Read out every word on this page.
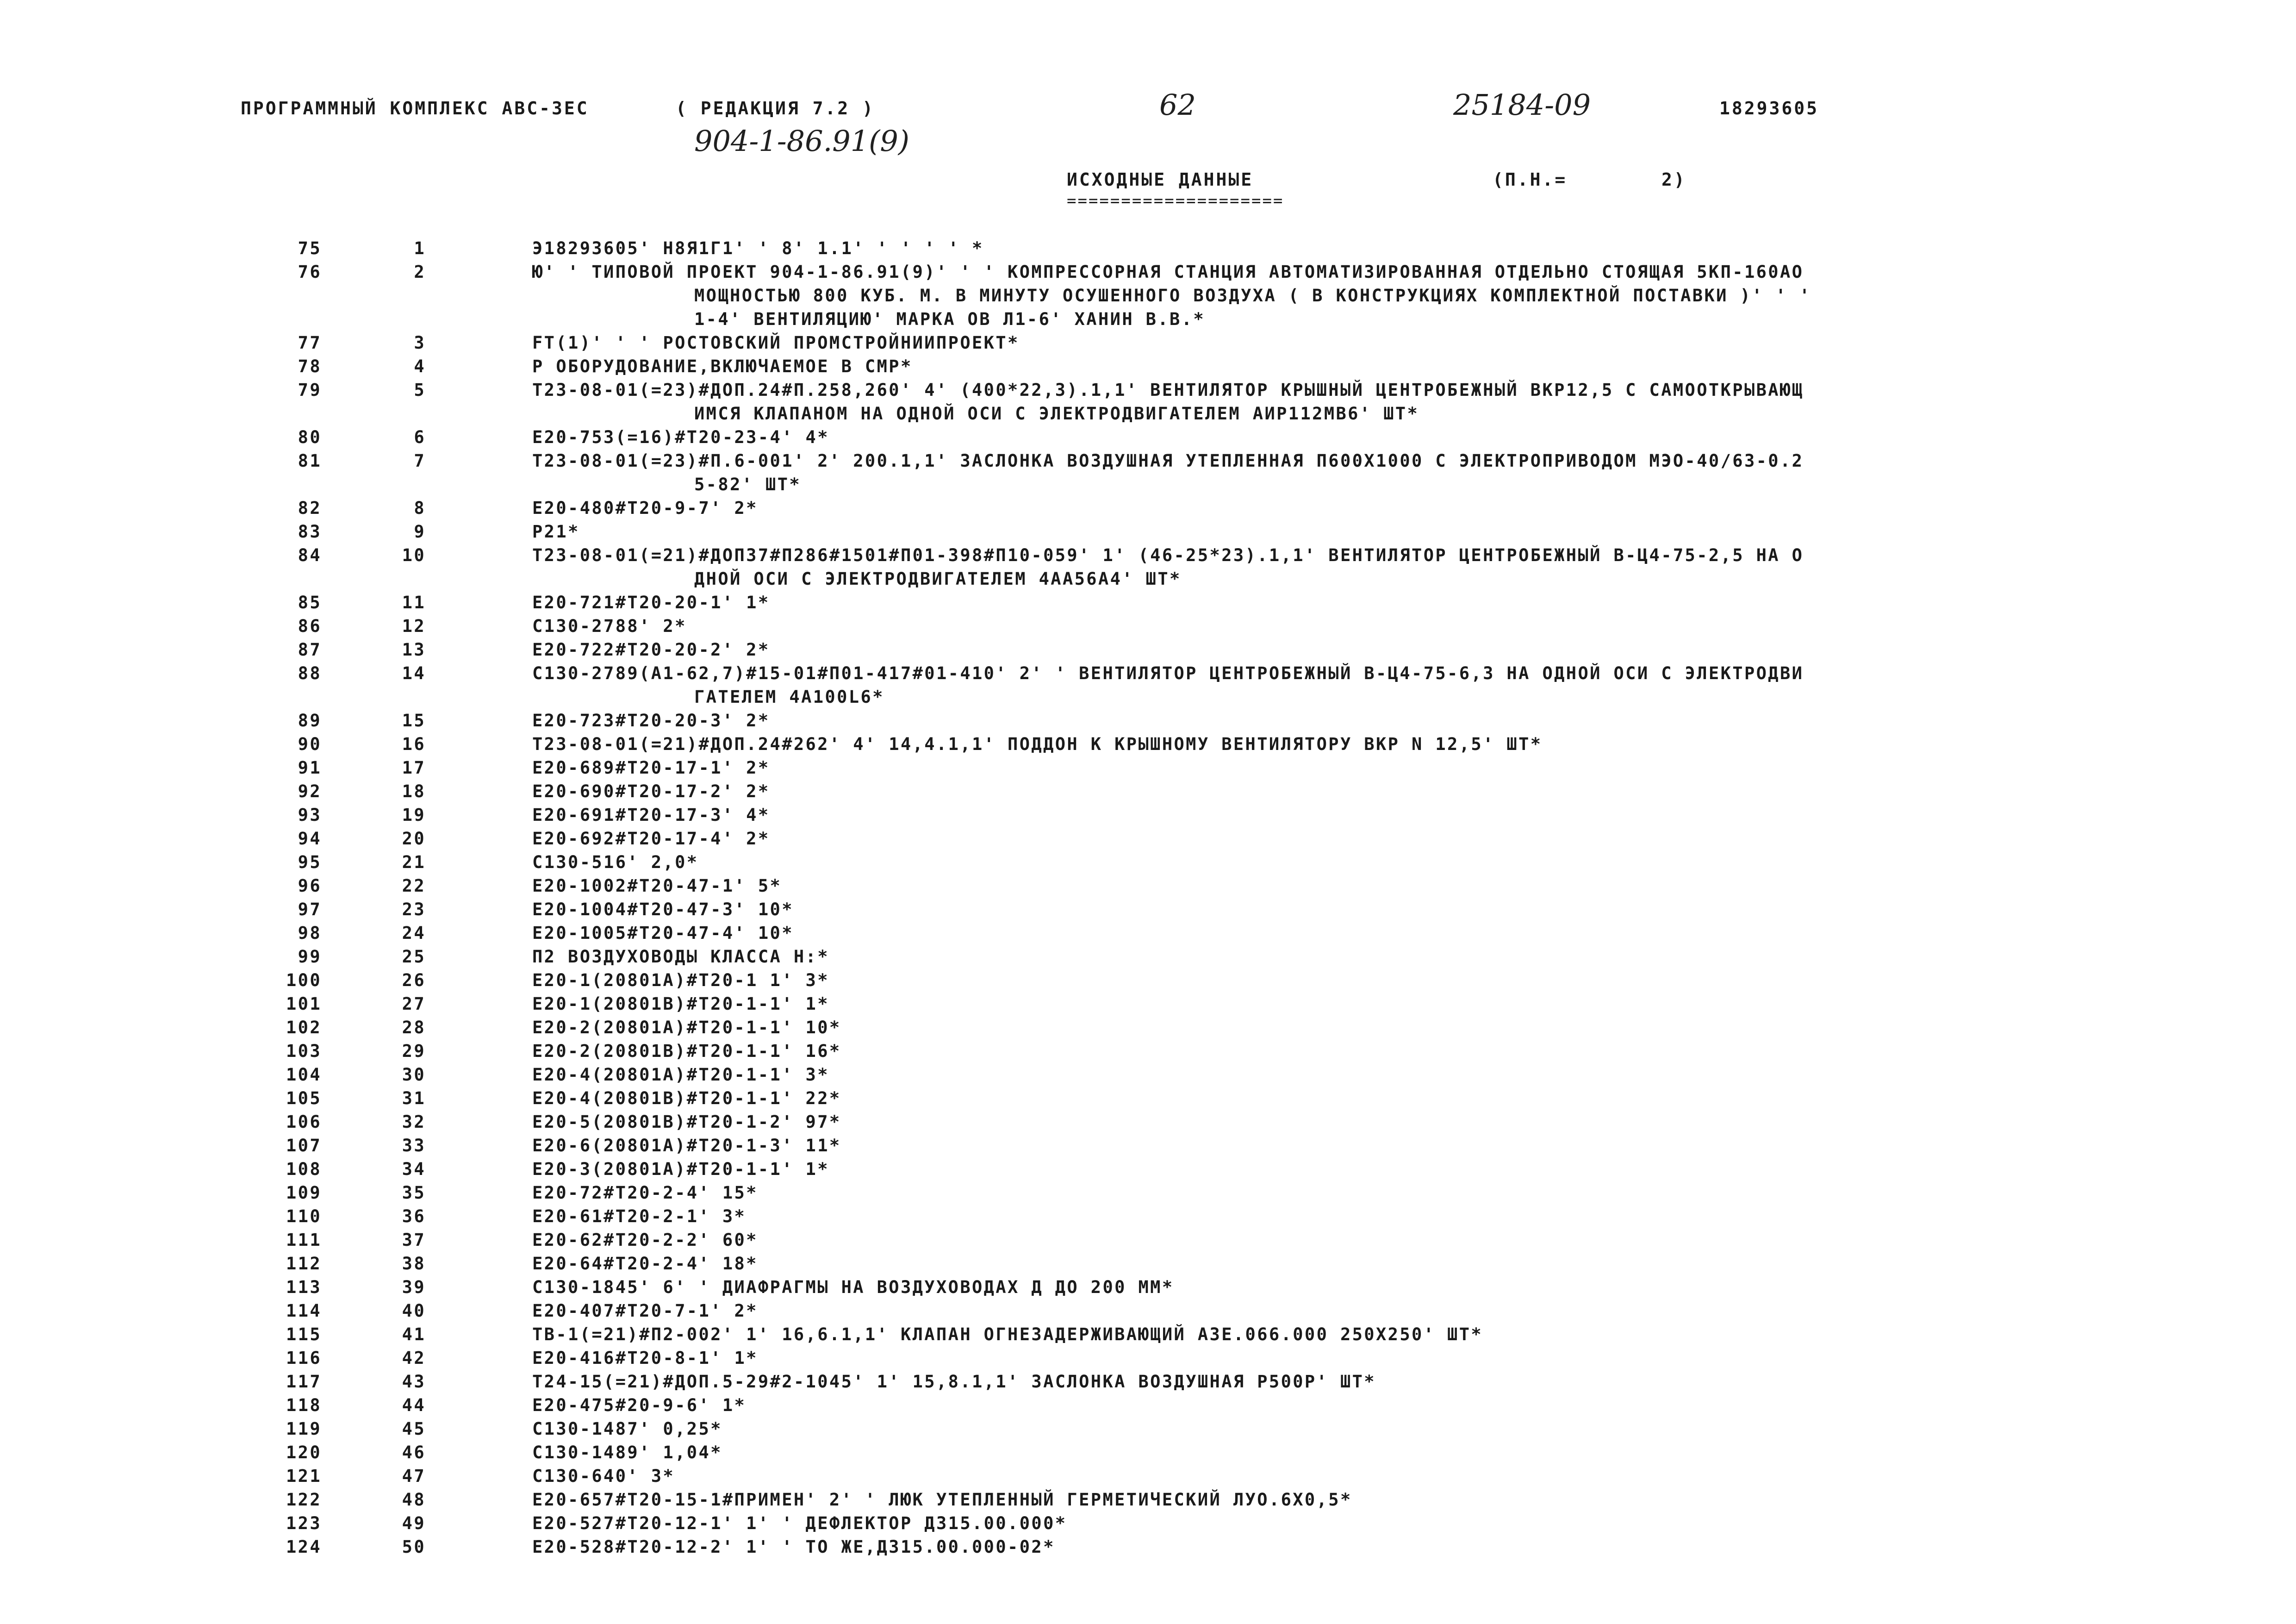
ПРОГРАММНЫЙ КОМПЛЕКС АВС-3ЕС	( РЕДАКЦИЯ 7.2 )	62	25184-09	18293605
904-1-86.91(9)
ИСХОДНЫЕ ДАННЫЕ	(П.Н.=	2)
====================
75	1	Э18293605' Н8Я1Г1' ' 8' 1.1' ' ' ' ' *
76	2	Ю' ' ТИПОВОЙ ПРОЕКТ 904-1-86.91(9)' ' ' КОМПРЕССОРНАЯ СТАНЦИЯ АВТОМАТИЗИРОВАННАЯ ОТДЕЛЬНО СТОЯЩАЯ 5КП-160АО
МОЩНОСТЬЮ 800 КУБ. М. В МИНУТУ ОСУШЕННОГО ВОЗДУХА ( В КОНСТРУКЦИЯХ КОМПЛЕКТНОЙ ПОСТАВКИ )' ' '
1-4' ВЕНТИЛЯЦИЮ' МАРКА ОВ Л1-6' ХАНИН В.В.*
77	3	FT(1)' ' ' РОСТОВСКИЙ ПРОМСТРОЙНИИПРОЕКТ*
78	4	Р ОБОРУДОВАНИЕ,ВКЛЮЧАЕМОЕ В СМР*
79	5	Т23-08-01(=23)#ДОП.24#П.258,260' 4' (400*22,3).1,1' ВЕНТИЛЯТОР КРЫШНЫЙ ЦЕНТРОБЕЖНЫЙ ВКР12,5 С САМООТКРЫВАЮЩ
ИМСЯ КЛАПАНОМ НА ОДНОЙ ОСИ С ЭЛЕКТРОДВИГАТЕЛЕМ АИР112МВ6' ШТ*
80	6	Е20-753(=16)#Т20-23-4' 4*
81	7	Т23-08-01(=23)#П.6-001' 2' 200.1,1' ЗАСЛОНКА ВОЗДУШНАЯ УТЕПЛЕННАЯ П600Х1000 С ЭЛЕКТРОПРИВОДОМ МЭО-40/63-0.2
5-82' ШТ*
82	8	Е20-480#Т20-9-7' 2*
83	9	Р21*
84	10	Т23-08-01(=21)#ДОП37#П286#1501#П01-398#П10-059' 1' (46-25*23).1,1' ВЕНТИЛЯТОР ЦЕНТРОБЕЖНЫЙ В-Ц4-75-2,5 НА О
ДНОЙ ОСИ С ЭЛЕКТРОДВИГАТЕЛЕМ 4АА56А4' ШТ*
85	11	Е20-721#Т20-20-1' 1*
86	12	С130-2788' 2*
87	13	Е20-722#Т20-20-2' 2*
88	14	С130-2789(А1-62,7)#15-01#П01-417#01-410' 2' ' ВЕНТИЛЯТОР ЦЕНТРОБЕЖНЫЙ В-Ц4-75-6,3 НА ОДНОЙ ОСИ С ЭЛЕКТРОДВИ
ГАТЕЛЕМ 4А100L6*
89	15	Е20-723#Т20-20-3' 2*
90	16	Т23-08-01(=21)#ДОП.24#262' 4' 14,4.1,1' ПОДДОН К КРЫШНОМУ ВЕНТИЛЯТОРУ ВКР N 12,5' ШТ*
91	17	Е20-689#Т20-17-1' 2*
92	18	Е20-690#Т20-17-2' 2*
93	19	Е20-691#Т20-17-3' 4*
94	20	Е20-692#Т20-17-4' 2*
95	21	С130-516' 2,0*
96	22	Е20-1002#Т20-47-1' 5*
97	23	Е20-1004#Т20-47-3' 10*
98	24	Е20-1005#Т20-47-4' 10*
99	25	П2 ВОЗДУХОВОДЫ КЛАССА Н:*
100	26	Е20-1(20801А)#Т20-1 1' 3*
101	27	Е20-1(20801В)#Т20-1-1' 1*
102	28	Е20-2(20801А)#Т20-1-1' 10*
103	29	Е20-2(20801В)#Т20-1-1' 16*
104	30	Е20-4(20801А)#Т20-1-1' 3*
105	31	Е20-4(20801В)#Т20-1-1' 22*
106	32	Е20-5(20801В)#Т20-1-2' 97*
107	33	Е20-6(20801А)#Т20-1-3' 11*
108	34	Е20-3(20801А)#Т20-1-1' 1*
109	35	Е20-72#Т20-2-4' 15*
110	36	Е20-61#Т20-2-1' 3*
111	37	Е20-62#Т20-2-2' 60*
112	38	Е20-64#Т20-2-4' 18*
113	39	С130-1845' 6' ' ДИАФРАГМЫ НА ВОЗДУХОВОДАХ Д ДО 200 ММ*
114	40	Е20-407#Т20-7-1' 2*
115	41	ТВ-1(=21)#П2-002' 1' 16,6.1,1' КЛАПАН ОГНЕЗАДЕРЖИВАЮЩИЙ АЗЕ.066.000 250Х250' ШТ*
116	42	Е20-416#Т20-8-1' 1*
117	43	Т24-15(=21)#ДОП.5-29#2-1045' 1' 15,8.1,1' ЗАСЛОНКА ВОЗДУШНАЯ Р500Р' ШТ*
118	44	Е20-475#20-9-6' 1*
119	45	С130-1487' 0,25*
120	46	С130-1489' 1,04*
121	47	С130-640' 3*
122	48	Е20-657#Т20-15-1#ПРИМЕН' 2' ' ЛЮК УТЕПЛЕННЫЙ ГЕРМЕТИЧЕСКИЙ ЛУО.6Х0,5*
123	49	Е20-527#Т20-12-1' 1' ' ДЕФЛЕКТОР Д315.00.000*
124	50	Е20-528#Т20-12-2' 1' ' ТО ЖЕ,Д315.00.000-02*
